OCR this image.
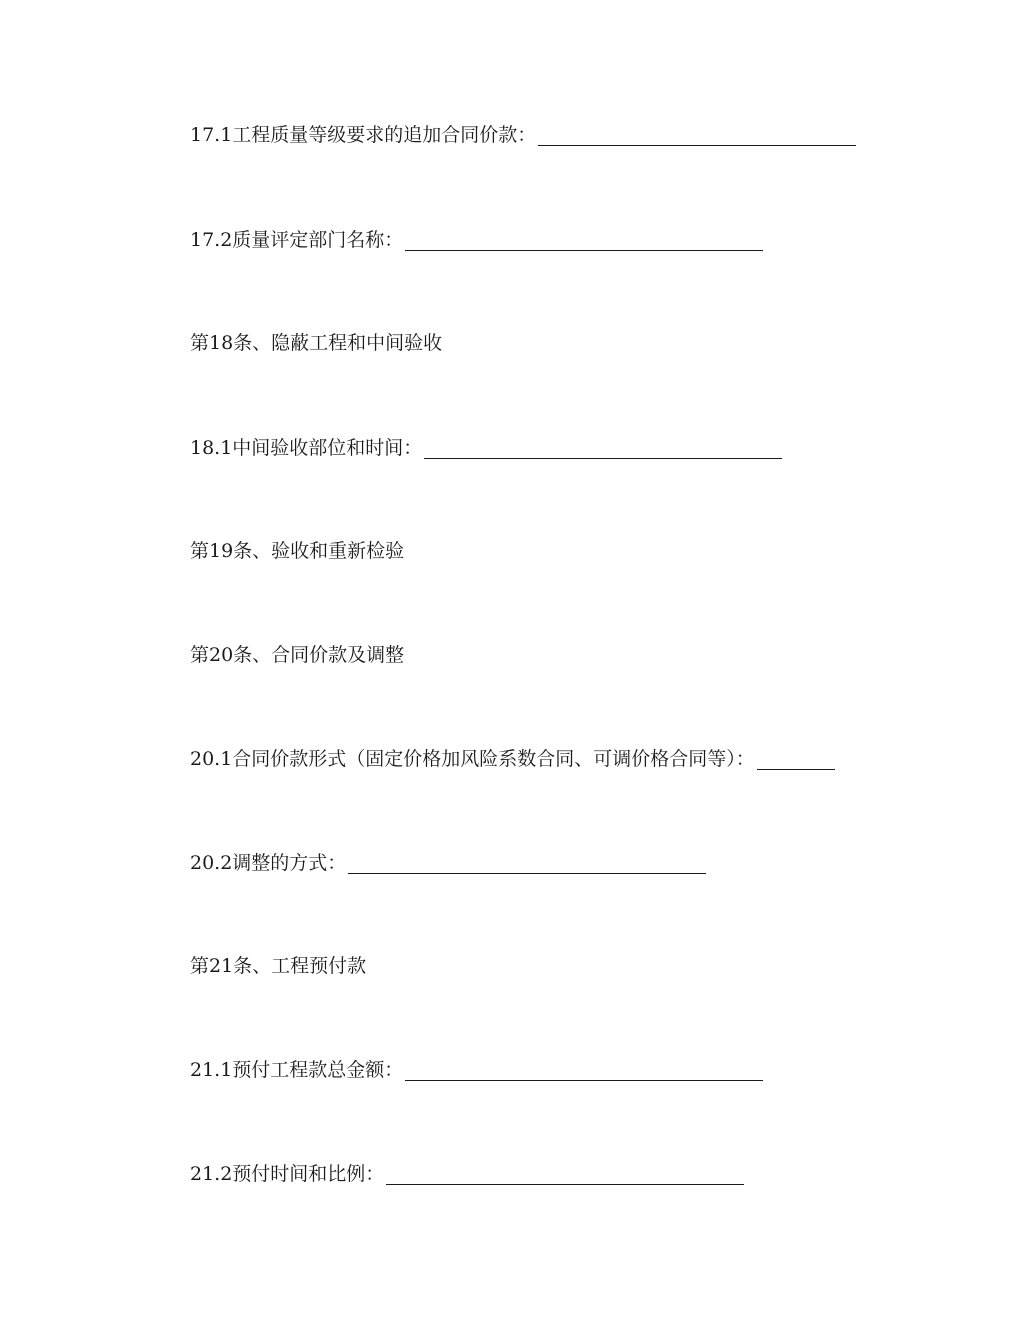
17.1工程质量等级要求的追加合同价款：
17.2质量评定部门名称：
第18条、隐蔽工程和中间验收
18.1中间验收部位和时间：
第19条、验收和重新检验
第20条、合同价款及调整
20.1合同价款形式（固定价格加风险系数合同、可调价格合同等）：
20.2调整的方式：
第21条、工程预付款
21.1预付工程款总金额：
21.2预付时间和比例：
